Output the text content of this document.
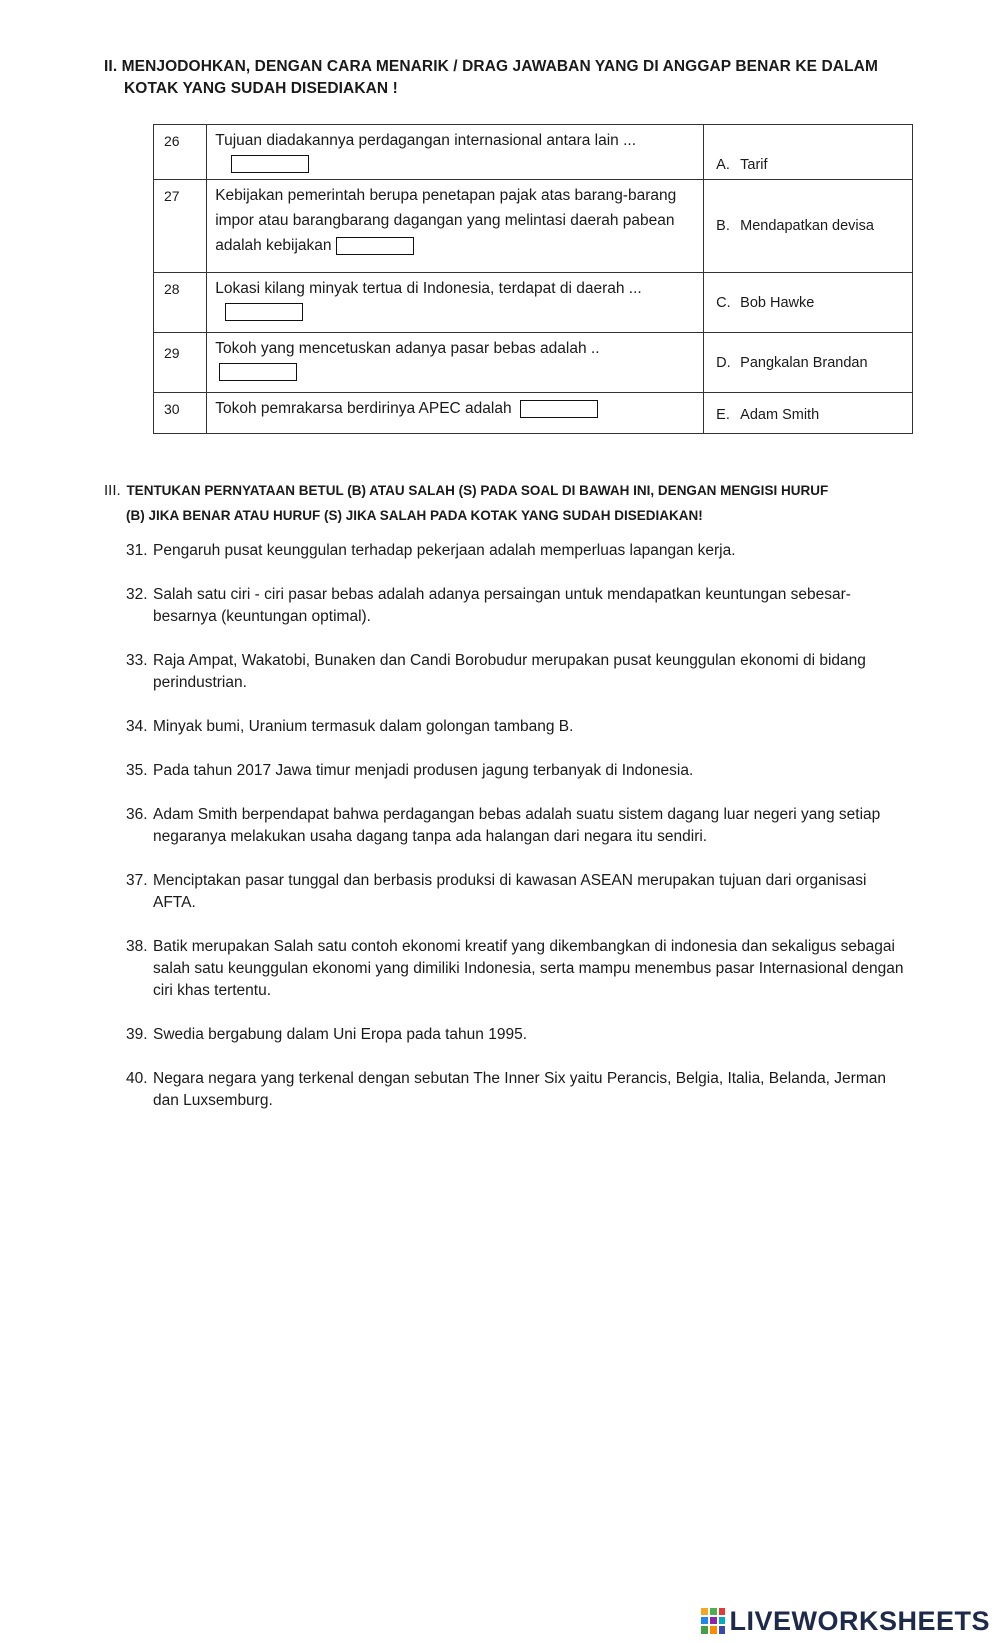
II. MENJODOHKAN, DENGAN CARA MENARIK / DRAG JAWABAN YANG DI ANGGAP BENAR KE DALAM
KOTAK YANG SUDAH DISEDIAKAN !
26	Tujuan diadakannya perdagangan internasional antara lain ...	A. Tarif
27	Kebijakan pemerintah berupa penetapan pajak atas barang-barang impor atau barangbarang dagangan yang melintasi daerah pabean adalah kebijakan	B. Mendapatkan devisa
28	Lokasi kilang minyak tertua di Indonesia, terdapat di daerah ...	C. Bob Hawke
29	Tokoh yang mencetuskan adanya pasar bebas adalah ..	D. Pangkalan Brandan
30	Tokoh pemrakarsa berdirinya APEC adalah	E. Adam Smith
III. TENTUKAN PERNYATAAN BETUL (B) ATAU SALAH (S) PADA SOAL DI BAWAH INI, DENGAN MENGISI HURUF
(B) JIKA BENAR ATAU HURUF (S) JIKA SALAH PADA KOTAK YANG SUDAH DISEDIAKAN!
31. Pengaruh pusat keunggulan terhadap pekerjaan adalah memperluas lapangan kerja.
32. Salah satu ciri - ciri pasar bebas adalah adanya persaingan untuk mendapatkan keuntungan sebesar- besarnya (keuntungan optimal).
33. Raja Ampat, Wakatobi, Bunaken dan Candi Borobudur merupakan pusat keunggulan ekonomi di bidang perindustrian.
34. Minyak bumi, Uranium termasuk dalam golongan tambang B.
35. Pada tahun 2017 Jawa timur menjadi produsen jagung terbanyak di Indonesia.
36. Adam Smith berpendapat bahwa perdagangan bebas adalah suatu sistem dagang luar negeri yang setiap negaranya melakukan usaha dagang tanpa ada halangan dari negara itu sendiri.
37. Menciptakan pasar tunggal dan berbasis produksi di kawasan ASEAN merupakan tujuan dari organisasi AFTA.
38. Batik merupakan Salah satu contoh ekonomi kreatif yang dikembangkan di indonesia dan sekaligus sebagai salah satu keunggulan ekonomi yang dimiliki Indonesia, serta mampu menembus pasar Internasional dengan ciri khas tertentu.
39. Swedia bergabung dalam Uni Eropa pada tahun 1995.
40. Negara negara yang terkenal dengan sebutan The Inner Six yaitu Perancis, Belgia, Italia, Belanda, Jerman dan Luxsemburg.
LIVEWORKSHEETS
